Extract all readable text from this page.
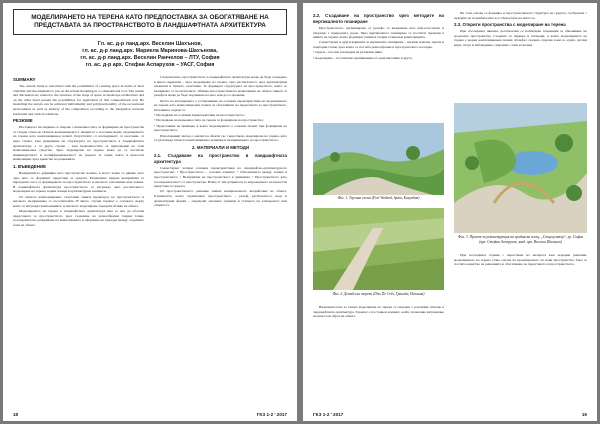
МОДЕЛИРАНЕТО НА ТЕРЕНА КАТО ПРЕДПОСТАВКА ЗА ОБОГАТЯВАНЕ НА ПРЕДСТАВАТА ЗА ПРОСТРАНСТВОТО В ЛАНДШАФТНАТА АРХИТЕКТУРА
Гл. ас. д-р ланд.арх. Веселин Шахънов,
гл. ас. д-р ланд.арх. Мариела Маринова-Шахънова,
гл. ас. д-р ланд.арх. Веселин Ранчелов – ЛТУ, София
гл. ас. д-р арх. Стефан Аспарухов – УАСГ, София
SUMMARY
The current study is associated with the possibilities of creating space in terms of their visibility and the emphasis to put on the terrain modeling in a compositional tool. The results and discussion are related to the structure of the stage of space in landscape architecture and on the other hand present the possibilities for application of this compositional tool. By modelling the terrain can be achieved individuality and polyfunctionality of the recreational environment as well as entirety of the composition according to the integration between horizontal and vertical solutions.
РЕЗЮМЕ
Настоящото изследване се свързва с възможностите за формиране на пространства от гледна точка на тяхната възприемаемост. Акцентът е поставен върху моделирането на терена като композиционен похват. Резултатите от изследването са насочени, от една страна, към разкриване на структурата на пространството в ландшафтната архитектура, а от друга страна – към възможностите за приложение на този композиционен средство. Чрез моделиране на терена може да се постигне индивидуалност и полифункционалност на средата за отдих, както и цялостна композиция, чрез единство на решенията.
1. ВЪВЕДЕНИЕ
Възприятието дефинира като пространство всичко, в което човек се движи, като чрез него се формират представи за средата. Различните видове възприятия са неразделна част от формирането на пространството и неговото отношение към човека. В ландшафтната архитектура пространството се изгражда чрез растителност, моделиране на терена, водни площи и архитектурни елементи.
От тяхното композиционно съчетание зависи характерът на пространството и неговото възприемане от посетителите. В много случаи теренът е основата, върху която се изгражда композицията, и неговото моделиране определя облика на обекта.
Моделирането на терена в ландшафтната архитектура има за цел да обогати представата за пространството чрез създаване на разнообразни гледни точки, последователно разкриване на композицията и оформяне на преходи между отделните зони на обекта.
Следователно, пространството в ландшафтната архитектура може да бъде създадено в много варианти – чрез моделиране на терена, чрез растителност, чрез архитектурни елементи и тяхното съчетание. Те формират структурата на пространството, която се възприема от посетителите. Обемно-пространствената композиция на обекта зависи от релефа и може да бъде подчинена на него или да го променя.
Целта на изследването е установяване на основни характеристики на моделирането на терена като композиционен похват за обогатяване на представата за пространството. Основните задачи са:
• Изследване на основни характеристики на пространството;
• Изследване на възможностите на терена за формиране на пространство;
• Представяне на примери, в които моделирането е основен похват при формиране на пространството.
Използваният метод е анализ на обекти със съществено моделиране на терена, като се разглежда тяхното композиционно решение и възприемането на пространството.
2. МАТЕРИАЛИ И МЕТОДИ
2.1. Създаване на пространство в ландшафтната архитектура
Съществуват четири основни характеристики на ландшафтно-архитектурното пространство: • Пространството – основен елемент; • Отношението между човека и пространството; • Възприятие на пространството в движение; • Пространството като последователност от пространства. Всяка от тях допринася за изграждането на цялостна представа за средата.
От пространственото решение зависи емоционалното въздействие на обекта. Елементите, които ограничават пространството – релеф, растителност, вода и архитектурни форми – определят неговите граници и степента на затвореност или откритост.
18	ГКЗ 1-2 ' 2017
2.2. Създаване на пространство чрез методите на вертикалното планиране
Пространството, организирано от релефа, се възприема като най-естествено и свързано с природната среда. Чрез вертикалното планиране се постигат промени в нивата на терена, които формират рамки и гледни точки към композицията.
Съществуват и други варианти за вертикално планиране – насипи, изкопи, тераси и подпорни стени, чрез които се постига разнообразие в пространството на парка.
• тераси – плоски площадки на различни нива;
• моделиране – постепенно преминаване от една височина в друга.
Фиг. 1. Теренна схема (Fort Wetland, Spain, Колумбия)
Фиг. 2. Детайл на терена (Diss De Crits, Гранада, Испания)
Възможностите за такова моделиране на терена се свързват с различни стилове в ландшафтната архитектура. Теренът е постоянен елемент, който позволява изграждане на цялостен образ на обекта.
На тази основа се формира и пространствената структура на средата, съобразена с нуждите на потребителите и особеностите на мястото.
2.3. Открити пространства с моделиране на терена
При последните няколко десетилетия се наблюдава тенденция за обновяване на градските пространства. Създават се паркове и площади, в които моделирането на терена е водещ композиционен похват. Релефът създава отделни зони за отдих, детски игри, спорт и наблюдение, свързани с алеи и пътеки.
Фиг. 3. Проект за реконструкция на градинска площ, „Стар център“, гр. София (арх. Стефан Аспарухов, ланд. арх. Веселин Шахънов)
При последните години с нарастване на интереса към модерни решения, моделирането на терена става основа на проектирането на нови пространства. Така се постига единство на решенията и обогатяване на представата за пространството.
ГКЗ 1-2 ' 2017	19
